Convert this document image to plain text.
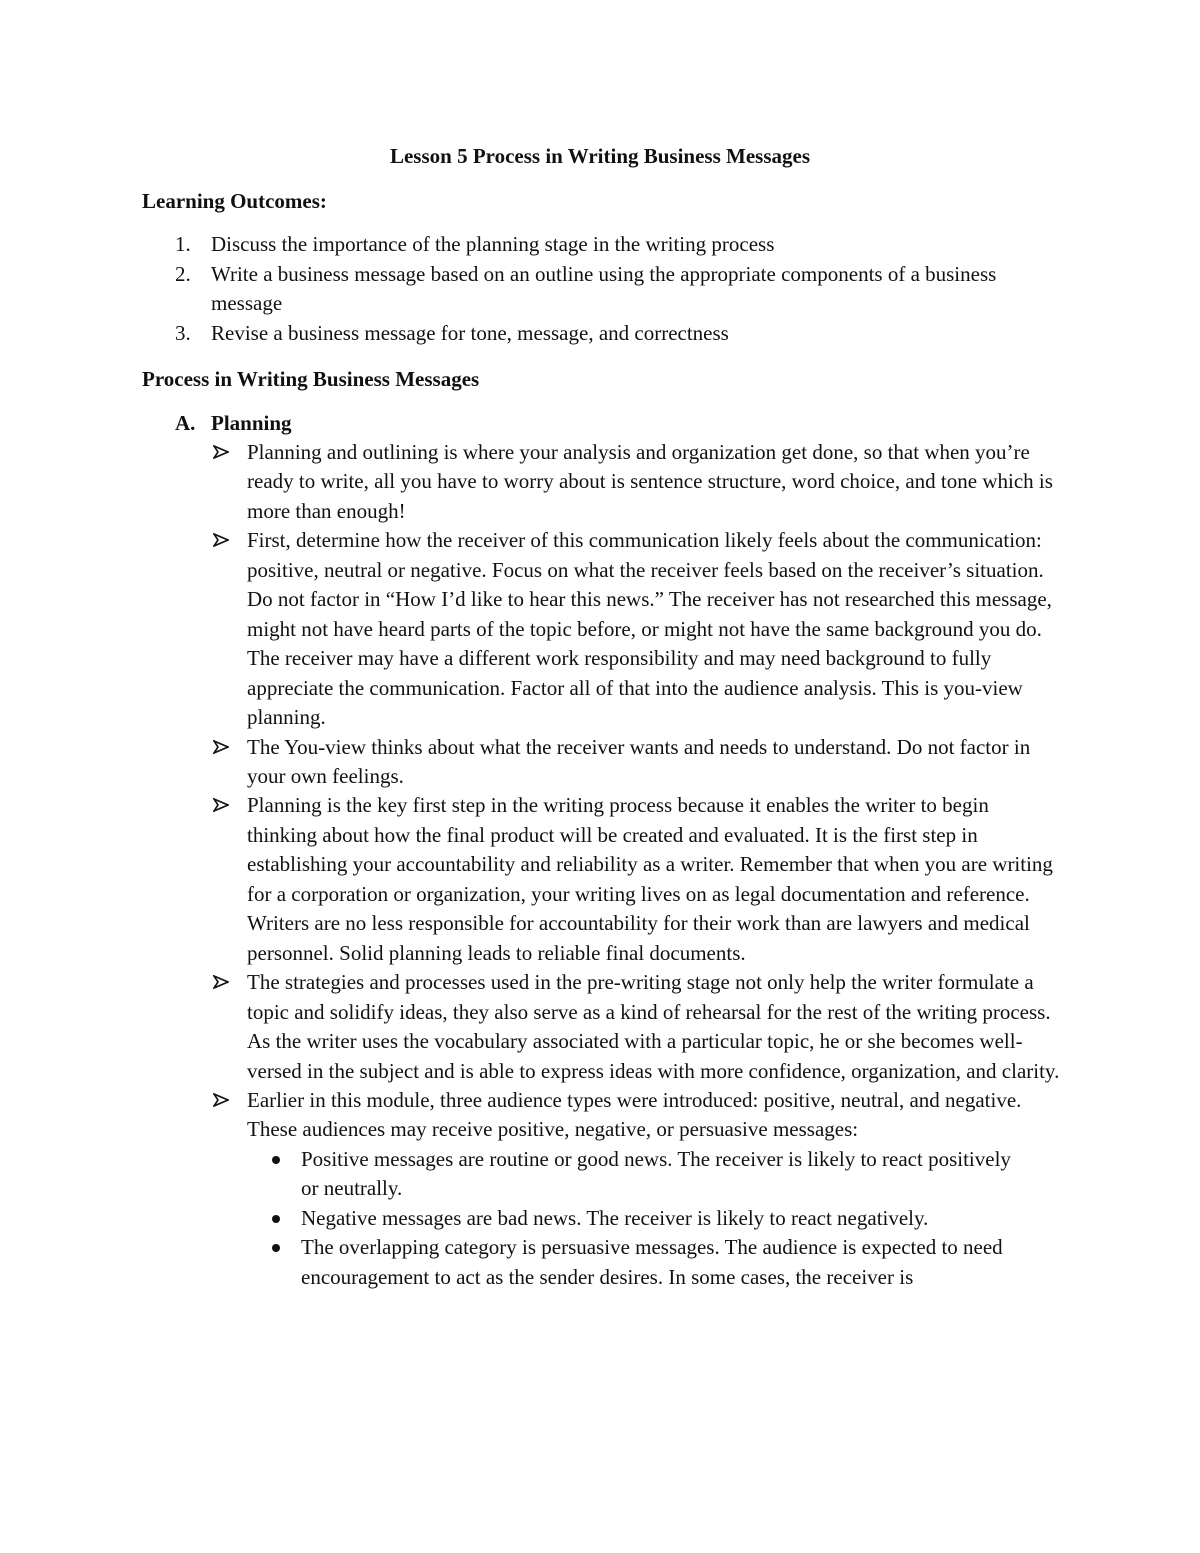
Lesson 5 Process in Writing Business Messages
Learning Outcomes:
1. Discuss the importance of the planning stage in the writing process
2. Write a business message based on an outline using the appropriate components of a business message
3. Revise a business message for tone, message, and correctness
Process in Writing Business Messages
A. Planning
Planning and outlining is where your analysis and organization get done, so that when you’re ready to write, all you have to worry about is sentence structure, word choice, and tone which is more than enough!
First, determine how the receiver of this communication likely feels about the communication: positive, neutral or negative. Focus on what the receiver feels based on the receiver’s situation. Do not factor in “How I’d like to hear this news.” The receiver has not researched this message, might not have heard parts of the topic before, or might not have the same background you do. The receiver may have a different work responsibility and may need background to fully appreciate the communication. Factor all of that into the audience analysis. This is you-view planning.
The You-view thinks about what the receiver wants and needs to understand. Do not factor in your own feelings.
Planning is the key first step in the writing process because it enables the writer to begin thinking about how the final product will be created and evaluated. It is the first step in establishing your accountability and reliability as a writer. Remember that when you are writing for a corporation or organization, your writing lives on as legal documentation and reference. Writers are no less responsible for accountability for their work than are lawyers and medical personnel. Solid planning leads to reliable final documents.
The strategies and processes used in the pre-writing stage not only help the writer formulate a topic and solidify ideas, they also serve as a kind of rehearsal for the rest of the writing process. As the writer uses the vocabulary associated with a particular topic, he or she becomes well-versed in the subject and is able to express ideas with more confidence, organization, and clarity.
Earlier in this module, three audience types were introduced: positive, neutral, and negative. These audiences may receive positive, negative, or persuasive messages:
Positive messages are routine or good news. The receiver is likely to react positively or neutrally.
Negative messages are bad news. The receiver is likely to react negatively.
The overlapping category is persuasive messages. The audience is expected to need encouragement to act as the sender desires. In some cases, the receiver is
